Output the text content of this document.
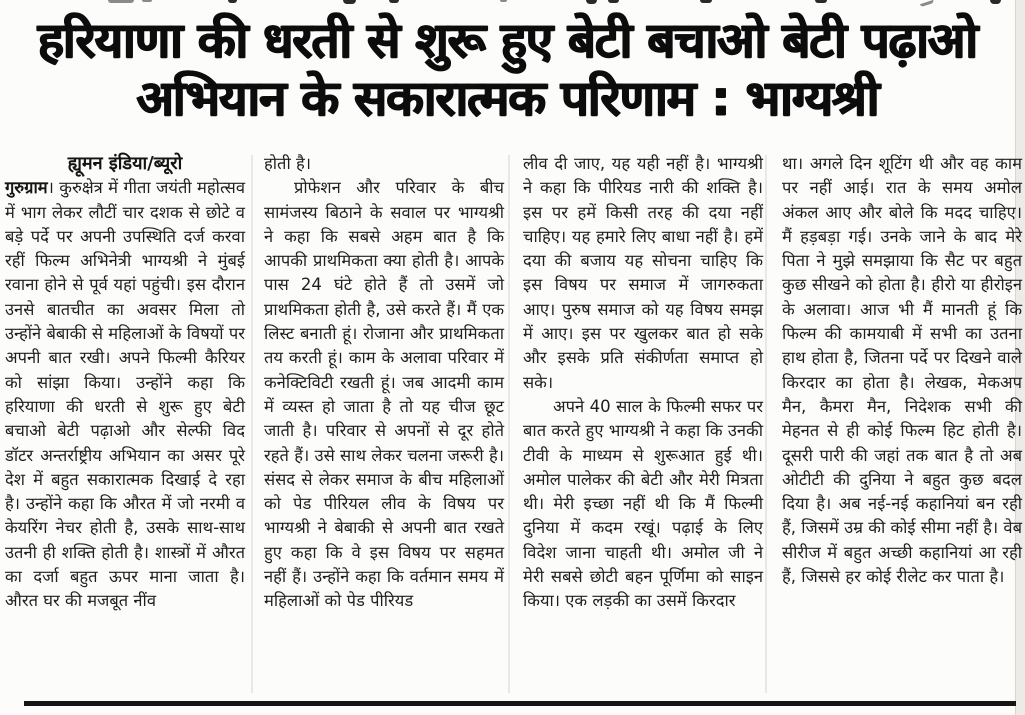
हरियाणा की धरती से शुरू हुए बेटी बचाओ बेटी पढ़ाओ
अभियान के सकारात्मक परिणाम : भाग्यश्री
ह्यूमन इंडिया/ब्यूरो

गुरुग्राम। कुरुक्षेत्र में गीता जयंती महोत्सव में भाग लेकर लौटीं चार दशक से छोटे व बड़े पर्दे पर अपनी उपस्थिति दर्ज करवा रहीं फिल्म अभिनेत्री भाग्यश्री ने मुंबई रवाना होने से पूर्व यहां पहुंची। इस दौरान उनसे बातचीत का अवसर मिला तो उन्होंने बेबाकी से महिलाओं के विषयों पर अपनी बात रखी। अपने फिल्मी कैरियर को सांझा किया। उन्होंने कहा कि हरियाणा की धरती से शुरू हुए बेटी बचाओ बेटी पढ़ाओ और सेल्फी विद डॉटर अन्तर्राष्ट्रीय अभियान का असर पूरे देश में बहुत सकारात्मक दिखाई दे रहा है। उन्होंने कहा कि औरत में जो नरमी व केयरिंग नेचर होती है, उसके साथ-साथ उतनी ही शक्ति होती है। शास्त्रों में औरत का दर्जा बहुत ऊपर माना जाता है। औरत घर की मजबूत नींव

होती है।

प्रोफेशन और परिवार के बीच सामंजस्य बिठाने के सवाल पर भाग्यश्री ने कहा कि सबसे अहम बात है कि आपकी प्राथमिकता क्या होती है। आपके पास 24 घंटे होते हैं तो उसमें जो प्राथमिकता होती है, उसे करते हैं। मैं एक लिस्ट बनाती हूं। रोजाना और प्राथमिकता तय करती हूं। काम के अलावा परिवार में कनेक्टिविटी रखती हूं। जब आदमी काम में व्यस्त हो जाता है तो यह चीज छूट जाती है। परिवार से अपनों से दूर होते रहते हैं। उसे साथ लेकर चलना जरूरी है। संसद से लेकर समाज के बीच महिलाओं को पेड पीरियल लीव के विषय पर भाग्यश्री ने बेबाकी से अपनी बात रखते हुए कहा कि वे इस विषय पर सहमत नहीं हैं। उन्होंने कहा कि वर्तमान समय में महिलाओं को पेड पीरियड

लीव दी जाए, यह यही नहीं है। भाग्यश्री ने कहा कि पीरियड नारी की शक्ति है। इस पर हमें किसी तरह की दया नहीं चाहिए। यह हमारे लिए बाधा नहीं है। हमें दया की बजाय यह सोचना चाहिए कि इस विषय पर समाज में जागरुकता आए। पुरुष समाज को यह विषय समझ में आए। इस पर खुलकर बात हो सके और इसके प्रति संकीर्णता समाप्त हो सके।

अपने 40 साल के फिल्मी सफर पर बात करते हुए भाग्यश्री ने कहा कि उनकी टीवी के माध्यम से शुरूआत हुई थी। अमोल पालेकर की बेटी और मेरी मित्रता थी। मेरी इच्छा नहीं थी कि मैं फिल्मी दुनिया में कदम रखूं। पढ़ाई के लिए विदेश जाना चाहती थी। अमोल जी ने मेरी सबसे छोटी बहन पूर्णिमा को साइन किया। एक लड़की का उसमें किरदार

था। अगले दिन शूटिंग थी और वह काम पर नहीं आई। रात के समय अमोल अंकल आए और बोले कि मदद चाहिए। मैं हड़बड़ा गई। उनके जाने के बाद मेरे पिता ने मुझे समझाया कि सैट पर बहुत कुछ सीखने को होता है। हीरो या हीरोइन के अलावा। आज भी मैं मानती हूं कि फिल्म की कामयाबी में सभी का उतना हाथ होता है, जितना पर्दे पर दिखने वाले किरदार का होता है। लेखक, मेकअप मैन, कैमरा मैन, निदेशक सभी की मेहनत से ही कोई फिल्म हिट होती है। दूसरी पारी की जहां तक बात है तो अब ओटीटी की दुनिया ने बहुत कुछ बदल दिया है। अब नई-नई कहानियां बन रही हैं, जिसमें उम्र की कोई सीमा नहीं है। वेब सीरीज में बहुत अच्छी कहानियां आ रही हैं, जिससे हर कोई रीलेट कर पाता है।
